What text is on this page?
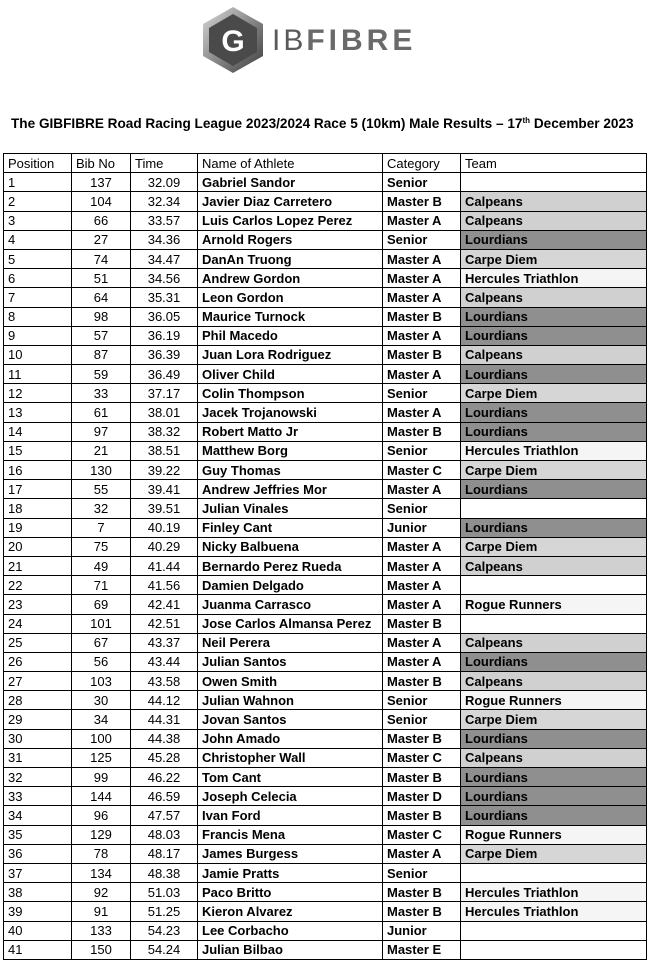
G IBFIBRE
The GIBFIBRE Road Racing League 2023/2024 Race 5 (10km) Male Results – 17th December 2023
Position	Bib No	Time	Name of Athlete	Category	Team
1	137	32.09	Gabriel Sandor	Senior	
2	104	32.34	Javier Diaz Carretero	Master B	Calpeans
3	66	33.57	Luis Carlos Lopez Perez	Master A	Calpeans
4	27	34.36	Arnold Rogers	Senior	Lourdians
5	74	34.47	DanAn Truong	Master A	Carpe Diem
6	51	34.56	Andrew Gordon	Master A	Hercules Triathlon
7	64	35.31	Leon Gordon	Master A	Calpeans
8	98	36.05	Maurice Turnock	Master B	Lourdians
9	57	36.19	Phil Macedo	Master A	Lourdians
10	87	36.39	Juan Lora Rodriguez	Master B	Calpeans
11	59	36.49	Oliver Child	Master A	Lourdians
12	33	37.17	Colin Thompson	Senior	Carpe Diem
13	61	38.01	Jacek Trojanowski	Master A	Lourdians
14	97	38.32	Robert Matto Jr	Master B	Lourdians
15	21	38.51	Matthew Borg	Senior	Hercules Triathlon
16	130	39.22	Guy Thomas	Master C	Carpe Diem
17	55	39.41	Andrew Jeffries Mor	Master A	Lourdians
18	32	39.51	Julian Vinales	Senior	
19	7	40.19	Finley Cant	Junior	Lourdians
20	75	40.29	Nicky Balbuena	Master A	Carpe Diem
21	49	41.44	Bernardo Perez Rueda	Master A	Calpeans
22	71	41.56	Damien Delgado	Master A	
23	69	42.41	Juanma Carrasco	Master A	Rogue Runners
24	101	42.51	Jose Carlos Almansa Perez	Master B	
25	67	43.37	Neil Perera	Master A	Calpeans
26	56	43.44	Julian Santos	Master A	Lourdians
27	103	43.58	Owen Smith	Master B	Calpeans
28	30	44.12	Julian Wahnon	Senior	Rogue Runners
29	34	44.31	Jovan Santos	Senior	Carpe Diem
30	100	44.38	John Amado	Master B	Lourdians
31	125	45.28	Christopher Wall	Master C	Calpeans
32	99	46.22	Tom Cant	Master B	Lourdians
33	144	46.59	Joseph Celecia	Master D	Lourdians
34	96	47.57	Ivan Ford	Master B	Lourdians
35	129	48.03	Francis Mena	Master C	Rogue Runners
36	78	48.17	James Burgess	Master A	Carpe Diem
37	134	48.38	Jamie Pratts	Senior	
38	92	51.03	Paco Britto	Master B	Hercules Triathlon
39	91	51.25	Kieron Alvarez	Master B	Hercules Triathlon
40	133	54.23	Lee Corbacho	Junior	
41	150	54.24	Julian Bilbao	Master E	
